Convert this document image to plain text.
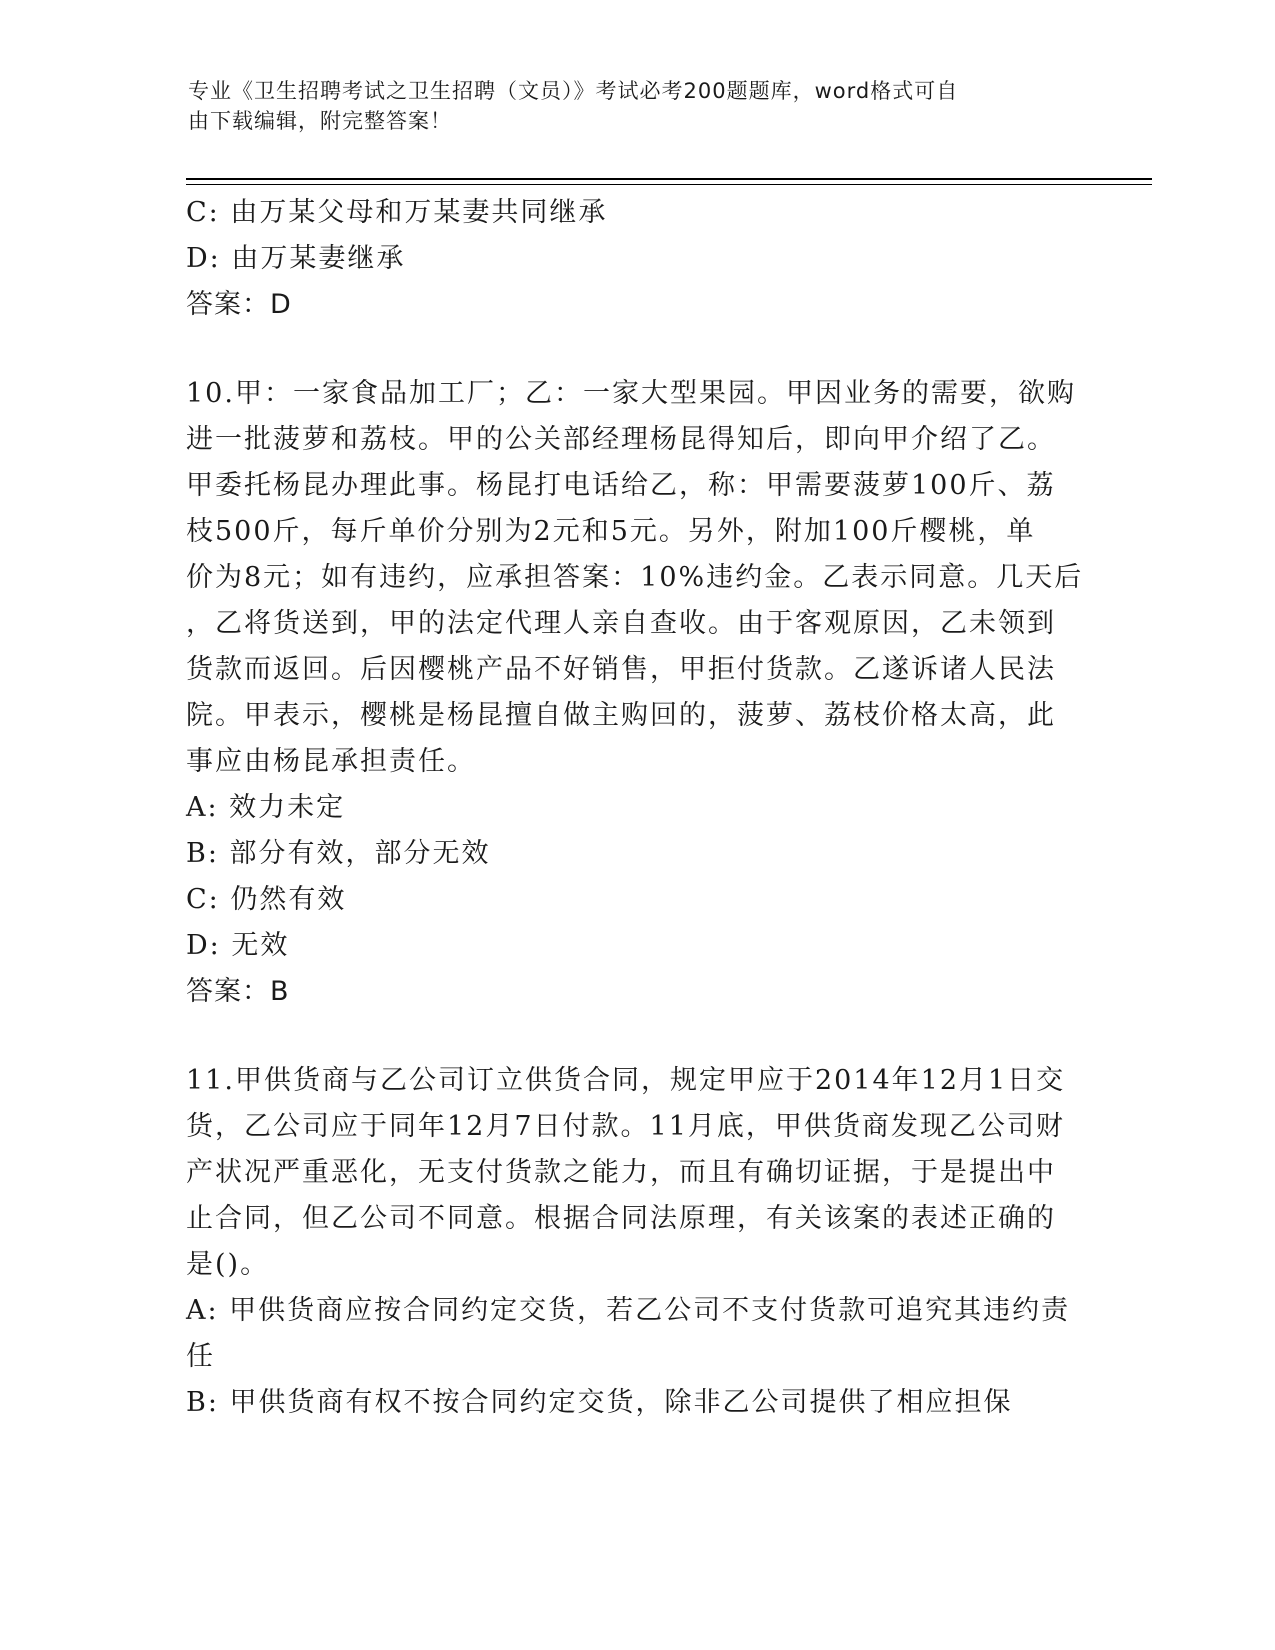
专业《卫生招聘考试之卫生招聘（文员）》考试必考200题题库，word格式可自
由下载编辑，附完整答案！
C: 由万某父母和万某妻共同继承
D: 由万某妻继承
答案：D
10.甲：一家食品加工厂；乙：一家大型果园。甲因业务的需要，欲购
进一批菠萝和荔枝。甲的公关部经理杨昆得知后，即向甲介绍了乙。
甲委托杨昆办理此事。杨昆打电话给乙，称：甲需要菠萝100斤、荔
枝500斤，每斤单价分别为2元和5元。另外，附加100斤樱桃，单
价为8元；如有违约，应承担答案：10%违约金。乙表示同意。几天后
，乙将货送到，甲的法定代理人亲自查收。由于客观原因，乙未领到
货款而返回。后因樱桃产品不好销售，甲拒付货款。乙遂诉诸人民法
院。甲表示，樱桃是杨昆擅自做主购回的，菠萝、荔枝价格太高，此
事应由杨昆承担责任。
A: 效力未定
B: 部分有效，部分无效
C: 仍然有效
D: 无效
答案：B
11.甲供货商与乙公司订立供货合同，规定甲应于2014年12月1日交
货，乙公司应于同年12月7日付款。11月底，甲供货商发现乙公司财
产状况严重恶化，无支付货款之能力，而且有确切证据，于是提出中
止合同，但乙公司不同意。根据合同法原理，有关该案的表述正确的
是()。
A: 甲供货商应按合同约定交货，若乙公司不支付货款可追究其违约责
任
B: 甲供货商有权不按合同约定交货，除非乙公司提供了相应担保
